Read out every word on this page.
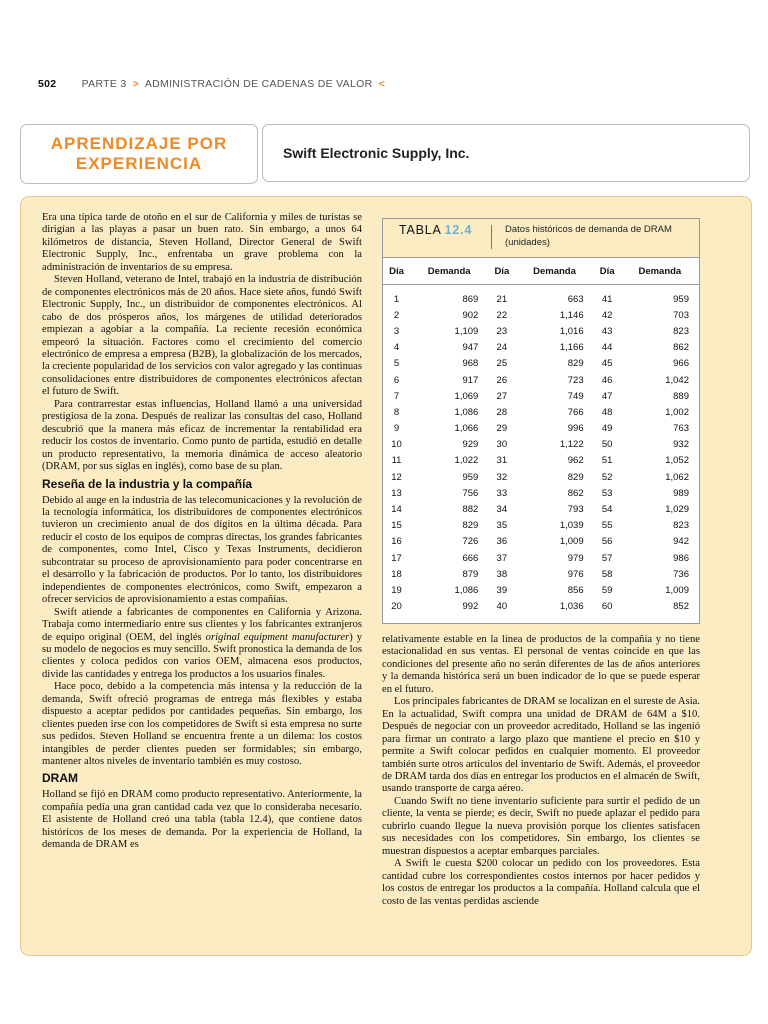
502 PARTE 3 > ADMINISTRACIÓN DE CADENAS DE VALOR <
APRENDIZAJE POR
EXPERIENCIA
Swift Electronic Supply, Inc.

Era una típica tarde de otoño en el sur de California y miles de turistas se dirigían a las playas a pasar un buen rato. Sin embargo, a unos 64 kilómetros de distancia, Steven Holland, Director General de Swift Electronic Supply, Inc., enfrentaba un grave problema con la administración de inventarios de su empresa.

Steven Holland, veterano de Intel, trabajó en la industria de distribución de componentes electrónicos más de 20 años. Hace siete años, fundó Swift Electronic Supply, Inc., un distribuidor de componentes electrónicos. Al cabo de dos prósperos años, los márgenes de utilidad deteriorados empiezan a agobiar a la compañía. La reciente recesión económica empeoró la situación. Factores como el crecimiento del comercio electrónico de empresa a empresa (B2B), la globalización de los mercados, la creciente popularidad de los servicios con valor agregado y las continuas consolidaciones entre distribuidores de componentes electrónicos afectan el futuro de Swift.

Para contrarrestar estas influencias, Holland llamó a una universidad prestigiosa de la zona. Después de realizar las consultas del caso, Holland descubrió que la manera más eficaz de incrementar la rentabilidad era reducir los costos de inventario. Como punto de partida, estudió en detalle un producto representativo, la memoria dinámica de acceso aleatorio (DRAM, por sus siglas en inglés), como base de su plan.

Reseña de la industria y la compañía

Debido al auge en la industria de las telecomunicaciones y la revolución de la tecnología informática, los distribuidores de componentes electrónicos tuvieron un crecimiento anual de dos dígitos en la última década. Para reducir el costo de los equipos de compras directas, los grandes fabricantes de componentes, como Intel, Cisco y Texas Instruments, decidieron subcontratar su proceso de aprovisionamiento para poder concentrarse en el desarrollo y la fabricación de productos. Por lo tanto, los distribuidores independientes de componentes electrónicos, como Swift, empezaron a ofrecer servicios de aprovisionamiento a estas compañías.

Swift atiende a fabricantes de componentes en California y Arizona. Trabaja como intermediario entre sus clientes y los fabricantes extranjeros de equipo original (OEM, del inglés original equipment manufacturer) y su modelo de negocios es muy sencillo. Swift pronostica la demanda de los clientes y coloca pedidos con varios OEM, almacena esos productos, divide las cantidades y entrega los productos a los usuarios finales.

Hace poco, debido a la competencia más intensa y la reducción de la demanda, Swift ofreció programas de entrega más flexibles y estaba dispuesto a aceptar pedidos por cantidades pequeñas. Sin embargo, los clientes pueden irse con los competidores de Swift si esta empresa no surte sus pedidos. Steven Holland se encuentra frente a un dilema: los costos intangibles de perder clientes pueden ser formidables; sin embargo, mantener altos niveles de inventario también es muy costoso.

DRAM

Holland se fijó en DRAM como producto representativo. Anteriormente, la compañía pedía una gran cantidad cada vez que lo consideraba necesario. El asistente de Holland creó una tabla (tabla 12.4), que contiene datos históricos de los meses de demanda. Por la experiencia de Holland, la demanda de DRAM es

TABLA 12.4	Datos históricos de demanda de DRAM (unidades)
Día	Demanda	Día	Demanda	Día	Demanda
1	869	21	663	41	959
2	902	22	1,146	42	703
3	1,109	23	1,016	43	823
4	947	24	1,166	44	862
5	968	25	829	45	966
6	917	26	723	46	1,042
7	1,069	27	749	47	889
8	1,086	28	766	48	1,002
9	1,066	29	996	49	763
10	929	30	1,122	50	932
11	1,022	31	962	51	1,052
12	959	32	829	52	1,062
13	756	33	862	53	989
14	882	34	793	54	1,029
15	829	35	1,039	55	823
16	726	36	1,009	56	942
17	666	37	979	57	986
18	879	38	976	58	736
19	1,086	39	856	59	1,009
20	992	40	1,036	60	852

relativamente estable en la línea de productos de la compañía y no tiene estacionalidad en sus ventas. El personal de ventas coincide en que las condiciones del presente año no serán diferentes de las de años anteriores y la demanda histórica será un buen indicador de lo que se puede esperar en el futuro.

Los principales fabricantes de DRAM se localizan en el sureste de Asia. En la actualidad, Swift compra una unidad de DRAM de 64M a $10. Después de negociar con un proveedor acreditado, Holland se las ingenió para firmar un contrato a largo plazo que mantiene el precio en $10 y permite a Swift colocar pedidos en cualquier momento. El proveedor también surte otros artículos del inventario de Swift. Además, el proveedor de DRAM tarda dos días en entregar los productos en el almacén de Swift, usando transporte de carga aéreo.

Cuando Swift no tiene inventario suficiente para surtir el pedido de un cliente, la venta se pierde; es decir, Swift no puede aplazar el pedido para cubrirlo cuando llegue la nueva provisión porque los clientes satisfacen sus necesidades con los competidores. Sin embargo, los clientes se muestran dispuestos a aceptar embarques parciales.

A Swift le cuesta $200 colocar un pedido con los proveedores. Esta cantidad cubre los correspondientes costos internos por hacer pedidos y los costos de entregar los productos a la compañía. Holland calcula que el costo de las ventas perdidas asciende
